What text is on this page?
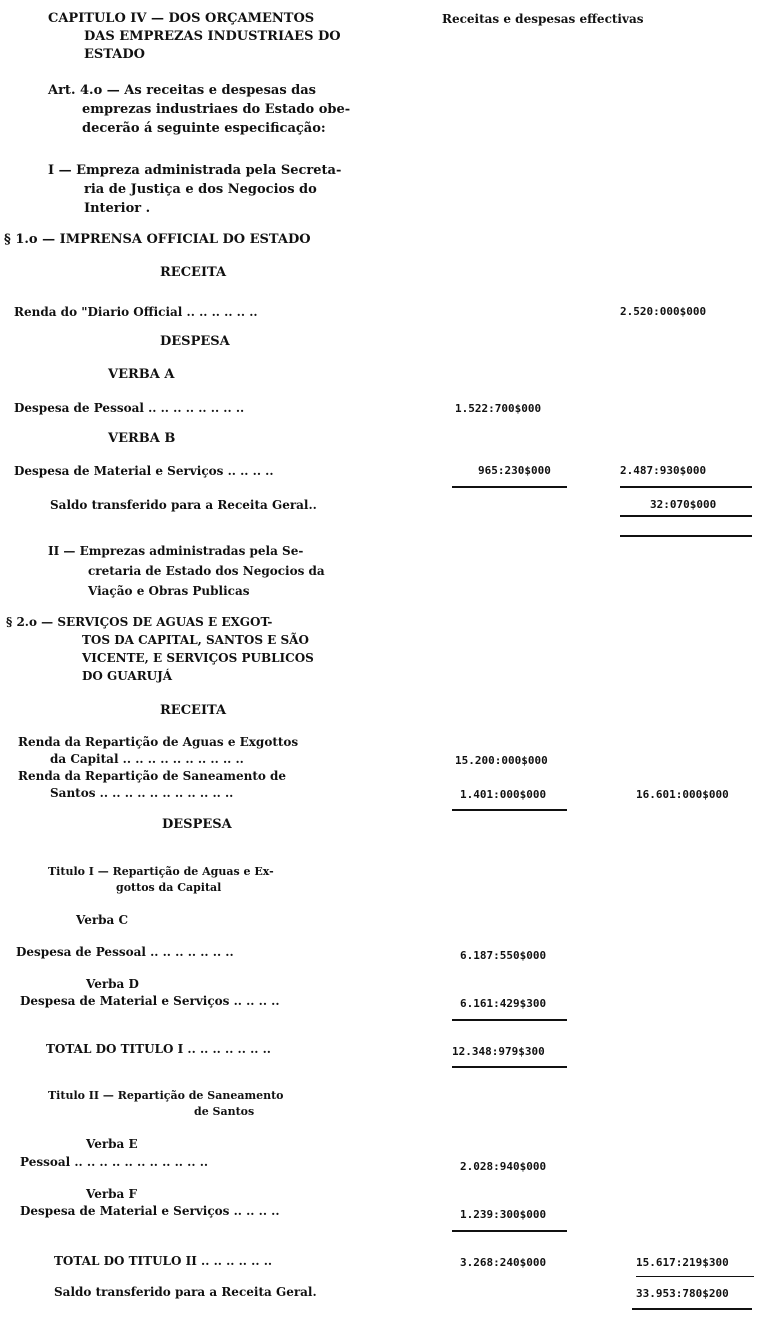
CAPITULO IV — DOS ORÇAMENTOS
DAS EMPREZAS INDUSTRIAES DO
ESTADO
Receitas e despesas effectivas
Art. 4.o — As receitas e despesas das
emprezas industriaes do Estado obe-
decerão á seguinte especificação:
I — Empreza administrada pela Secreta-
ria de Justiça e dos Negocios do
Interior .
§ 1.o — IMPRENSA OFFICIAL DO ESTADO
RECEITA
Renda do "Diario Official .. .. .. .. .. ..	2.520:000$000
DESPESA
VERBA A
Despesa de Pessoal .. .. .. .. .. .. .. ..	1.522:700$000
VERBA B
Despesa de Material e Serviços .. .. .. ..	965:230$000	2.487:930$000
Saldo transferido para a Receita Geral..	32:070$000
II — Emprezas administradas pela Se-
cretaria de Estado dos Negocios da
Viação e Obras Publicas
§ 2.o — SERVIÇOS DE AGUAS E EXGOT-
TOS DA CAPITAL, SANTOS E SÃO
VICENTE, E SERVIÇOS PUBLICOS
DO GUARUJÁ
RECEITA
Renda da Repartição de Aguas e Exgottos
da Capital .. .. .. .. .. .. .. .. .. ..	15.200:000$000
Renda da Repartição de Saneamento de
Santos .. .. .. .. .. .. .. .. .. .. ..	1.401:000$000	16.601:000$000
DESPESA
Titulo I — Repartição de Aguas e Ex-
gottos da Capital
Verba C
Despesa de Pessoal .. .. .. .. .. .. ..	6.187:550$000
Verba D
Despesa de Material e Serviços .. .. .. ..	6.161:429$300
TOTAL DO TITULO I .. .. .. .. .. .. ..	12.348:979$300
Titulo II — Repartição de Saneamento
de Santos
Verba E
Pessoal .. .. .. .. .. .. .. .. .. .. ..	2.028:940$000
Verba F
Despesa de Material e Serviços .. .. .. ..	1.239:300$000
TOTAL DO TITULO II .. .. .. .. .. ..	3.268:240$000	15.617:219$300
Saldo transferido para a Receita Geral.	33.953:780$200
